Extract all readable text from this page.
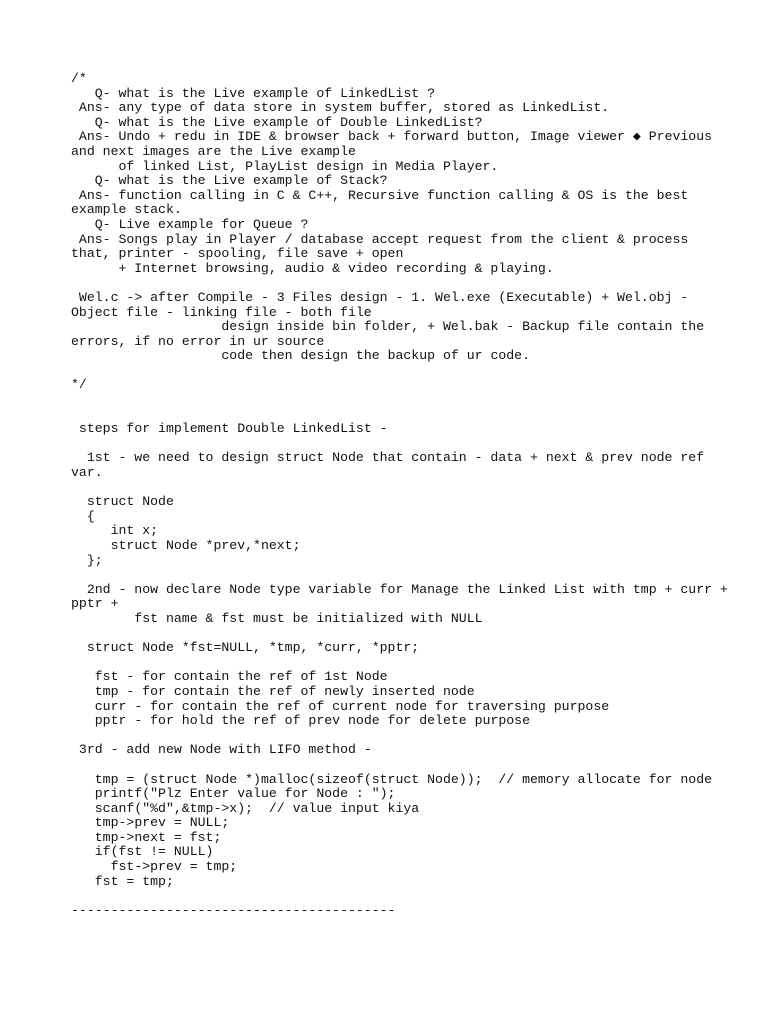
/*
Q- what is the Live example of LinkedList ?
Ans- any type of data store in system buffer, stored as LinkedList.
Q- what is the Live example of Double LinkedList?
Ans- Undo + redu in IDE & browser back + forward button, Image viewer ◆ Previous
and next images are the Live example
of linked List, PlayList design in Media Player.
Q- what is the Live example of Stack?
Ans- function calling in C & C++, Recursive function calling & OS is the best
example stack.
Q- Live example for Queue ?
Ans- Songs play in Player / database accept request from the client & process
that, printer - spooling, file save + open
+ Internet browsing, audio & video recording & playing.

Wel.c -> after Compile - 3 Files design - 1. Wel.exe (Executable) + Wel.obj -
Object file - linking file - both file
design inside bin folder, + Wel.bak - Backup file contain the
errors, if no error in ur source
code then design the backup of ur code.

*/

steps for implement Double LinkedList -

1st - we need to design struct Node that contain - data + next & prev node ref
var.

struct Node
{
int x;
struct Node *prev,*next;
};

2nd - now declare Node type variable for Manage the Linked List with tmp + curr +
pptr +
fst name & fst must be initialized with NULL

struct Node *fst=NULL, *tmp, *curr, *pptr;

fst - for contain the ref of 1st Node
tmp - for contain the ref of newly inserted node
curr - for contain the ref of current node for traversing purpose
pptr - for hold the ref of prev node for delete purpose

3rd - add new Node with LIFO method -

tmp = (struct Node *)malloc(sizeof(struct Node));  // memory allocate for node
printf("Plz Enter value for Node : ");
scanf("%d",&tmp->x);  // value input kiya
tmp->prev = NULL;
tmp->next = fst;
if(fst != NULL)
fst->prev = tmp;
fst = tmp;

-----------------------------------------
